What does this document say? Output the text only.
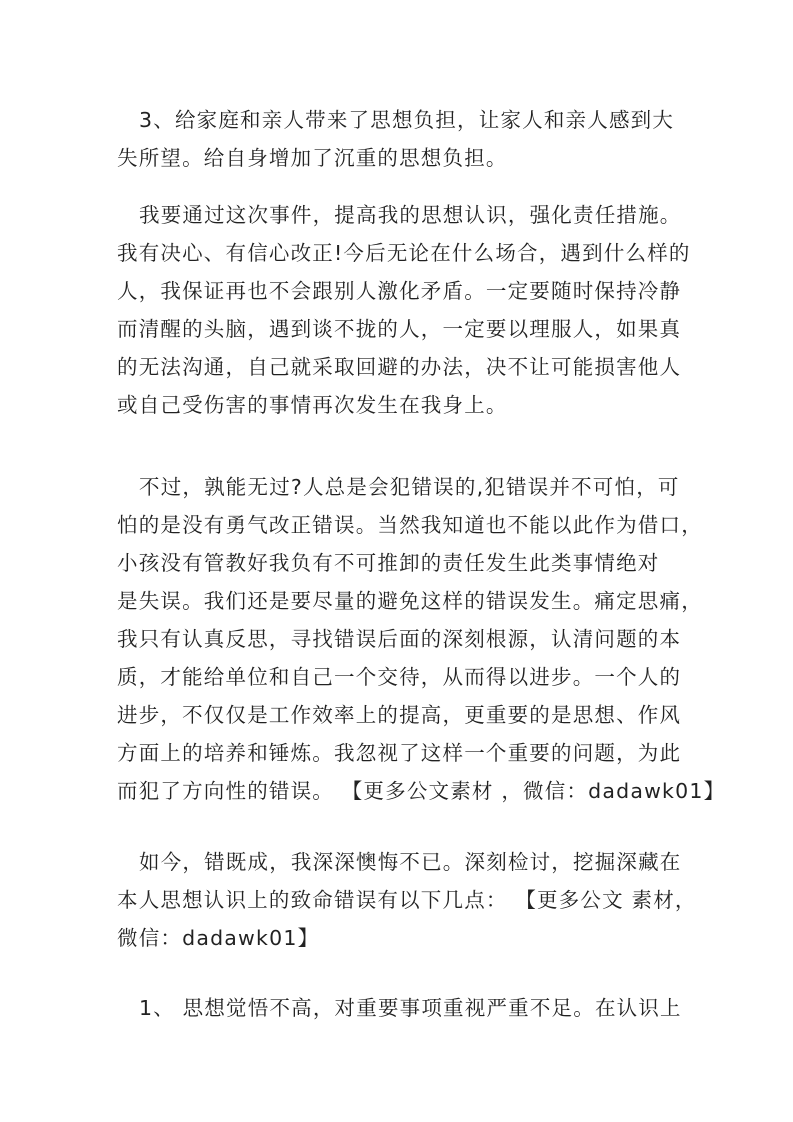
3、给家庭和亲人带来了思想负担，让家人和亲人感到大
失所望。给自身增加了沉重的思想负担。

我要通过这次事件，提高我的思想认识，强化责任措施。
我有决心、有信心改正!今后无论在什么场合，遇到什么样的
人，我保证再也不会跟别人激化矛盾。一定要随时保持冷静
而清醒的头脑，遇到谈不拢的人，一定要以理服人，如果真
的无法沟通，自己就采取回避的办法，决不让可能损害他人
或自己受伤害的事情再次发生在我身上。

不过，孰能无过?人总是会犯错误的,犯错误并不可怕，可
怕的是没有勇气改正错误。当然我知道也不能以此作为借口，
小孩没有管教好我负有不可推卸的责任发生此类事情绝对
是失误。我们还是要尽量的避免这样的错误发生。痛定思痛，
我只有认真反思，寻找错误后面的深刻根源，认清问题的本
质，才能给单位和自己一个交待，从而得以进步。一个人的
进步，不仅仅是工作效率上的提高，更重要的是思想、作风
方面上的培养和锤炼。我忽视了这样一个重要的问题，为此
而犯了方向性的错误。 【更多公文素材 ，微信：dadawk01】

如今，错既成，我深深懊悔不已。深刻检讨，挖掘深藏在
本人思想认识上的致命错误有以下几点： 【更多公文 素材，
微信：dadawk01】

1、 思想觉悟不高，对重要事项重视严重不足。在认识上
